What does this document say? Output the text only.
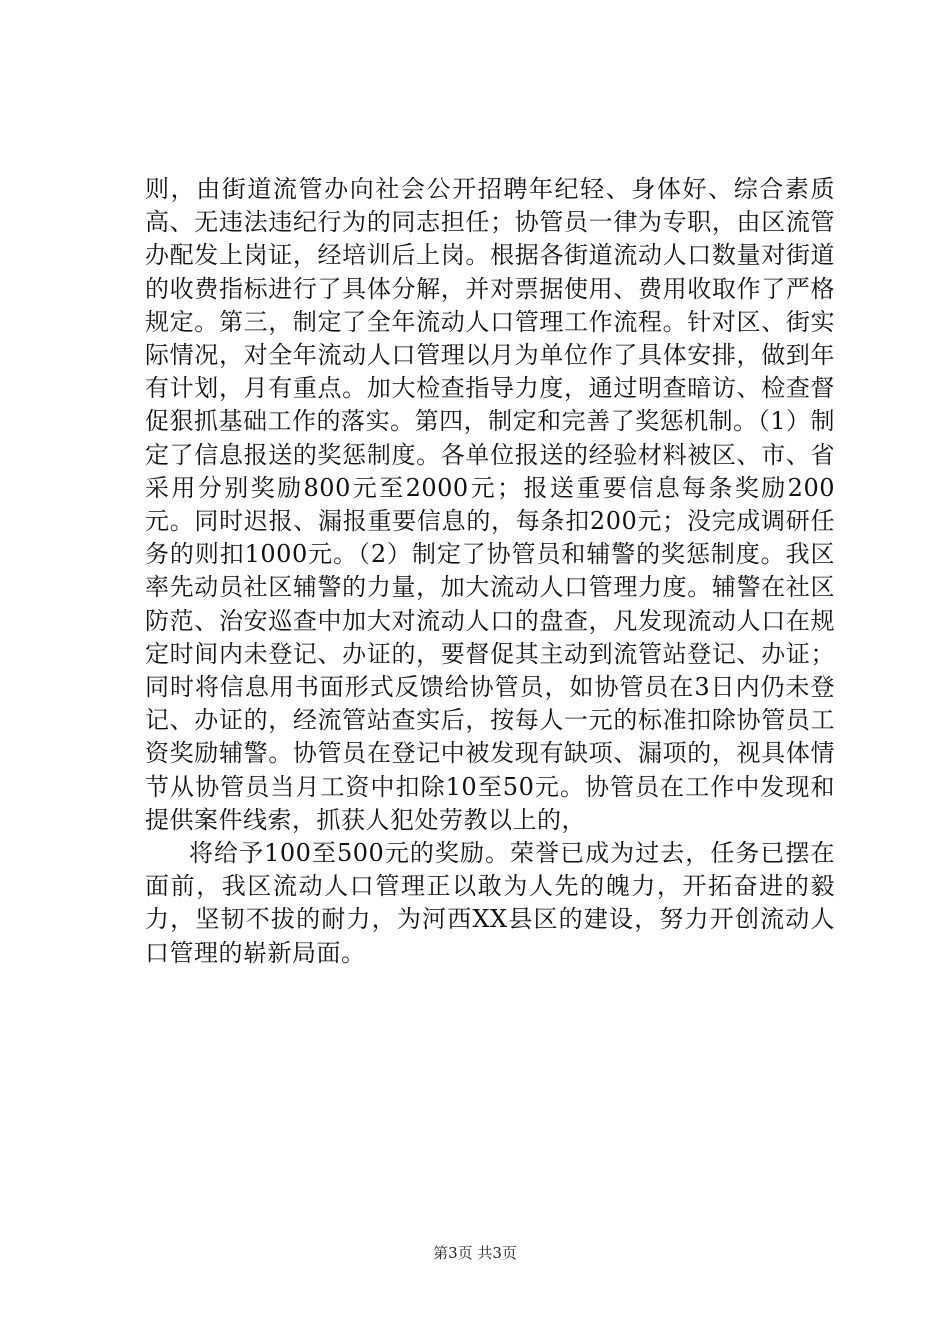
则，由街道流管办向社会公开招聘年纪轻、身体好、综合素质高、无违法违纪行为的同志担任；协管员一律为专职，由区流管办配发上岗证，经培训后上岗。根据各街道流动人口数量对街道的收费指标进行了具体分解，并对票据使用、费用收取作了严格规定。第三，制定了全年流动人口管理工作流程。针对区、街实际情况，对全年流动人口管理以月为单位作了具体安排，做到年有计划，月有重点。加大检查指导力度，通过明查暗访、检查督促狠抓基础工作的落实。第四，制定和完善了奖惩机制。（1）制定了信息报送的奖惩制度。各单位报送的经验材料被区、市、省采用分别奖励800元至2000元；报送重要信息每条奖励200元。同时迟报、漏报重要信息的，每条扣200元；没完成调研任务的则扣1000元。（2）制定了协管员和辅警的奖惩制度。我区率先动员社区辅警的力量，加大流动人口管理力度。辅警在社区防范、治安巡查中加大对流动人口的盘查，凡发现流动人口在规定时间内未登记、办证的，要督促其主动到流管站登记、办证；同时将信息用书面形式反馈给协管员，如协管员在3日内仍未登记、办证的，经流管站查实后，按每人一元的标准扣除协管员工资奖励辅警。协管员在登记中被发现有缺项、漏项的，视具体情节从协管员当月工资中扣除10至50元。协管员在工作中发现和提供案件线索，抓获人犯处劳教以上的，

将给予100至500元的奖励。荣誉已成为过去，任务已摆在面前，我区流动人口管理正以敢为人先的魄力，开拓奋进的毅力，坚韧不拔的耐力，为河西XX县区的建设，努力开创流动人口管理的崭新局面。

第3页 共3页
